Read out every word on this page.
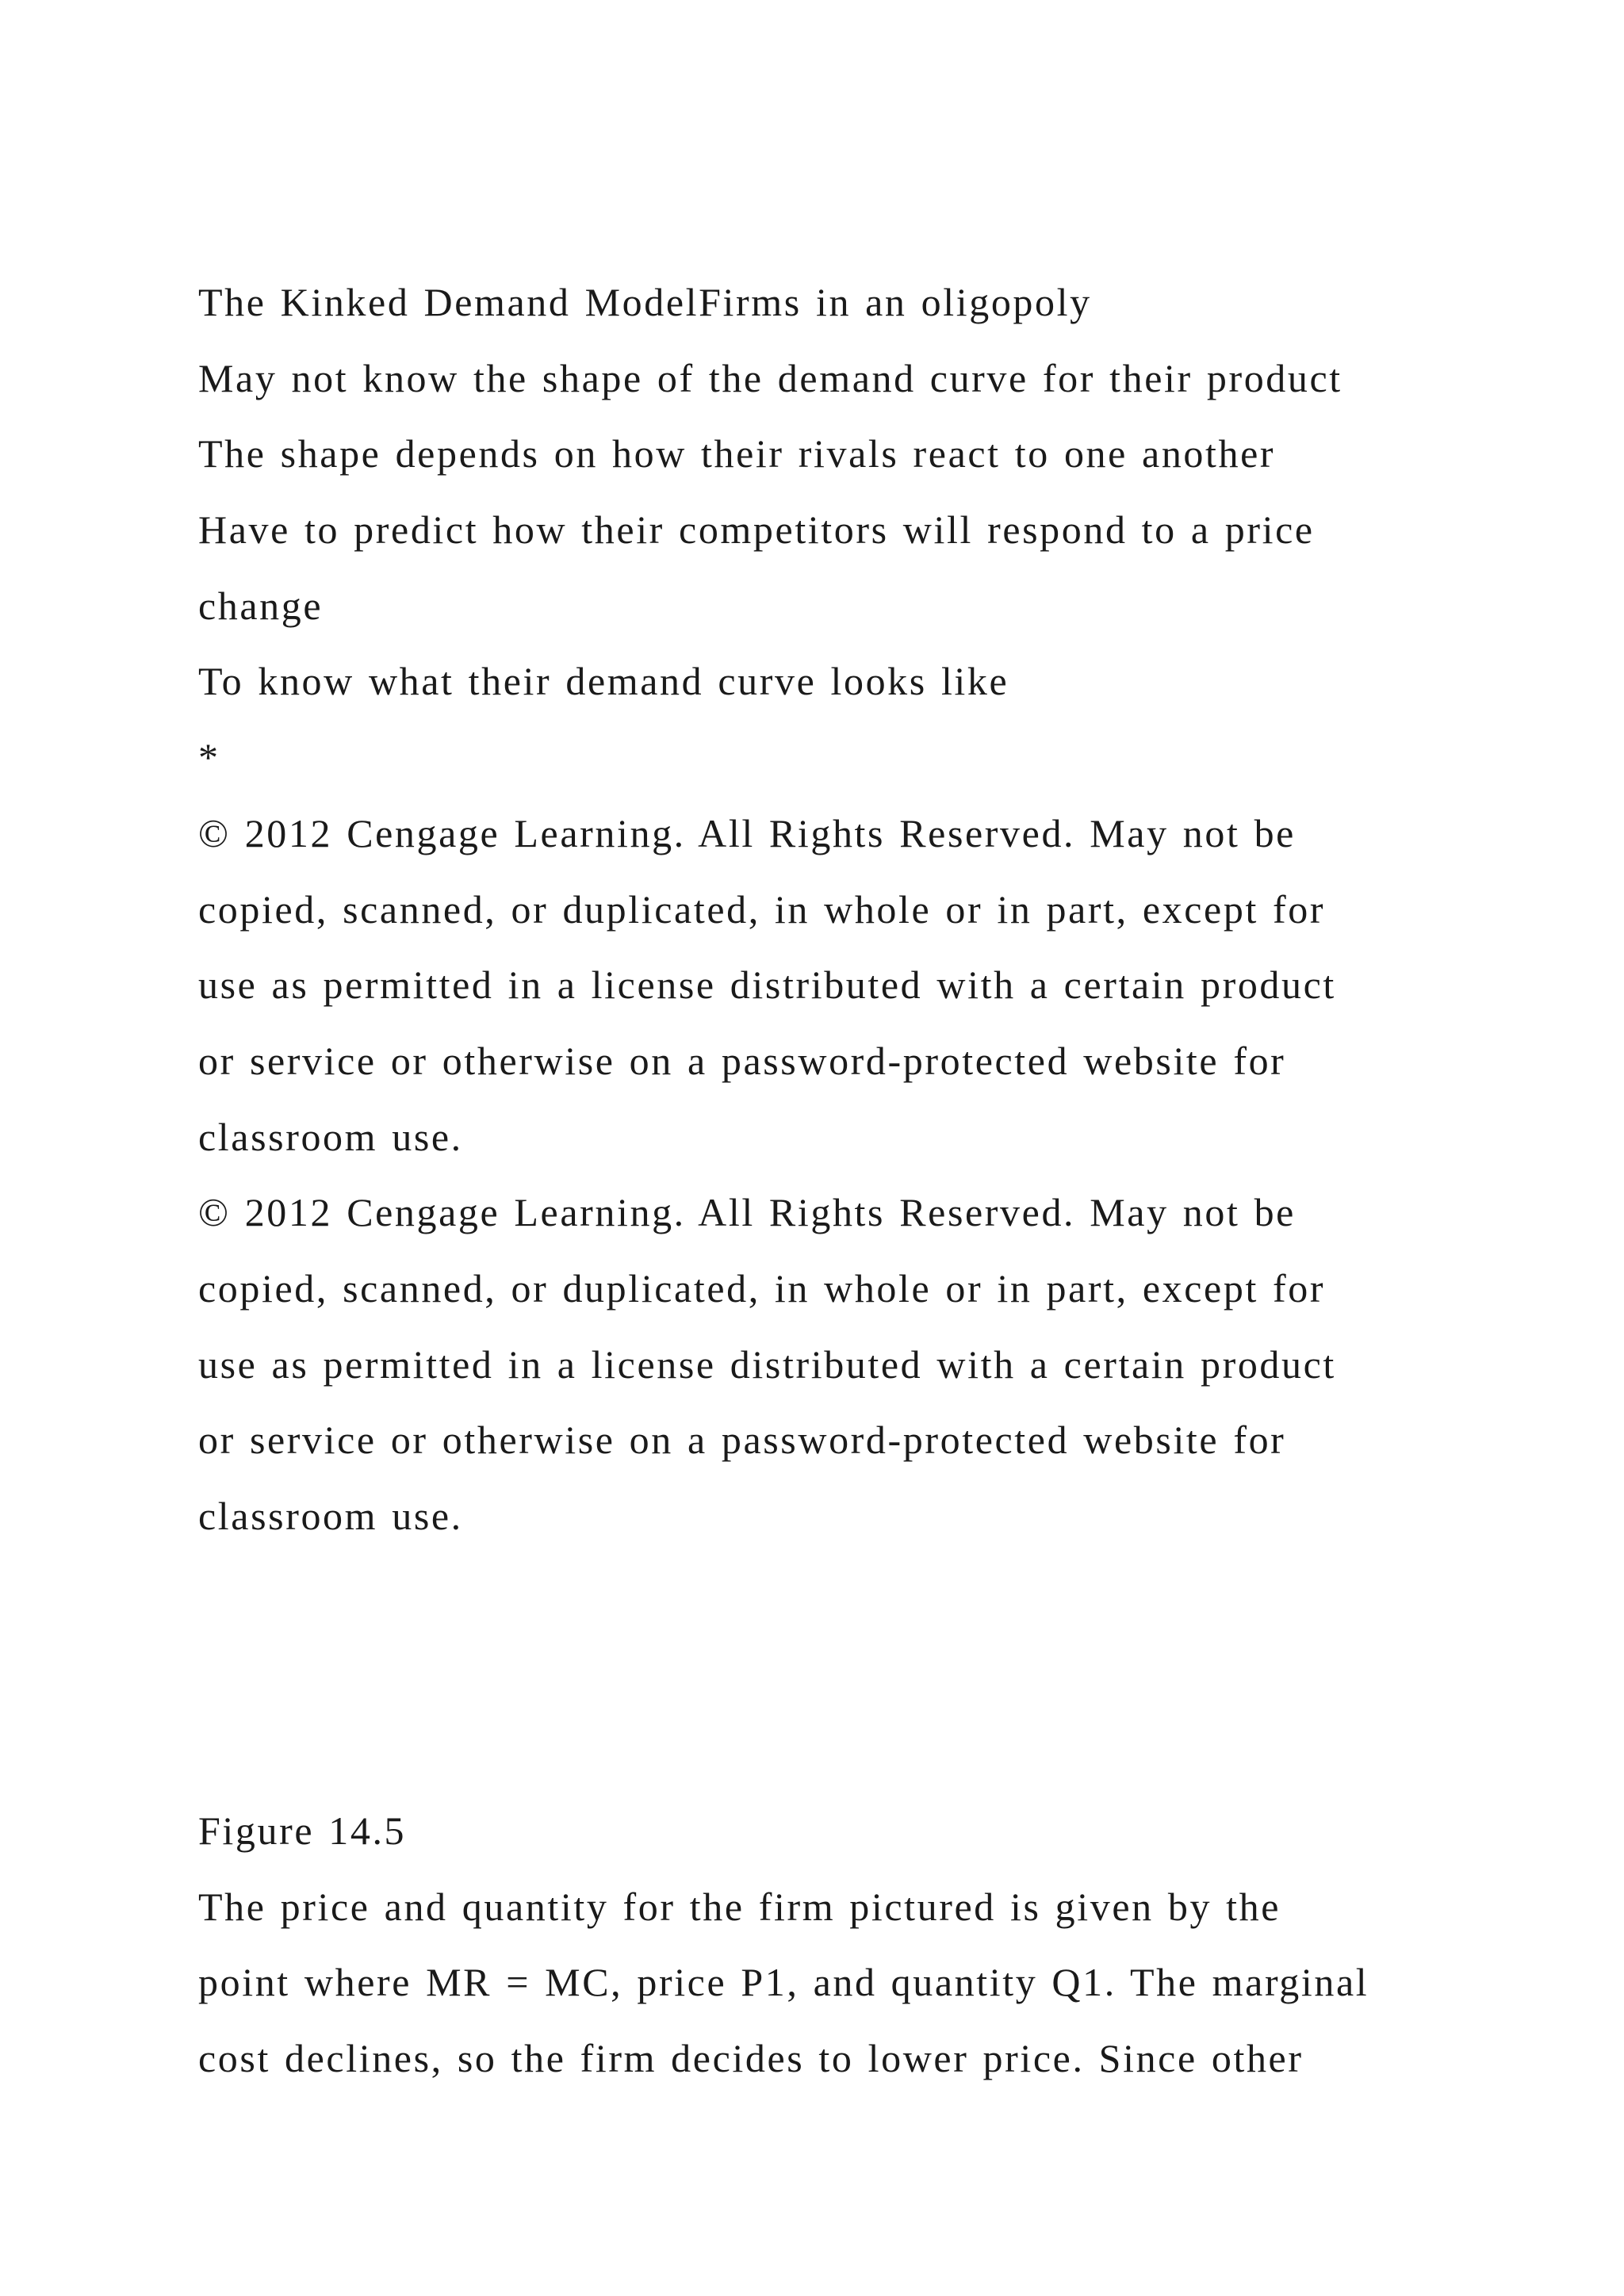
The Kinked Demand ModelFirms in an oligopoly
May not know the shape of the demand curve for their product
The shape depends on how their rivals react to one another
Have to predict how their competitors will respond to a price
change
To know what their demand curve looks like
*
© 2012 Cengage Learning. All Rights Reserved. May not be
copied, scanned, or duplicated, in whole or in part, except for
use as permitted in a license distributed with a certain product
or service or otherwise on a password-protected website for
classroom use.
© 2012 Cengage Learning. All Rights Reserved. May not be
copied, scanned, or duplicated, in whole or in part, except for
use as permitted in a license distributed with a certain product
or service or otherwise on a password-protected website for
classroom use.
Figure 14.5
The price and quantity for the firm pictured is given by the
point where MR = MC, price P1, and quantity Q1. The marginal
cost declines, so the firm decides to lower price. Since other
